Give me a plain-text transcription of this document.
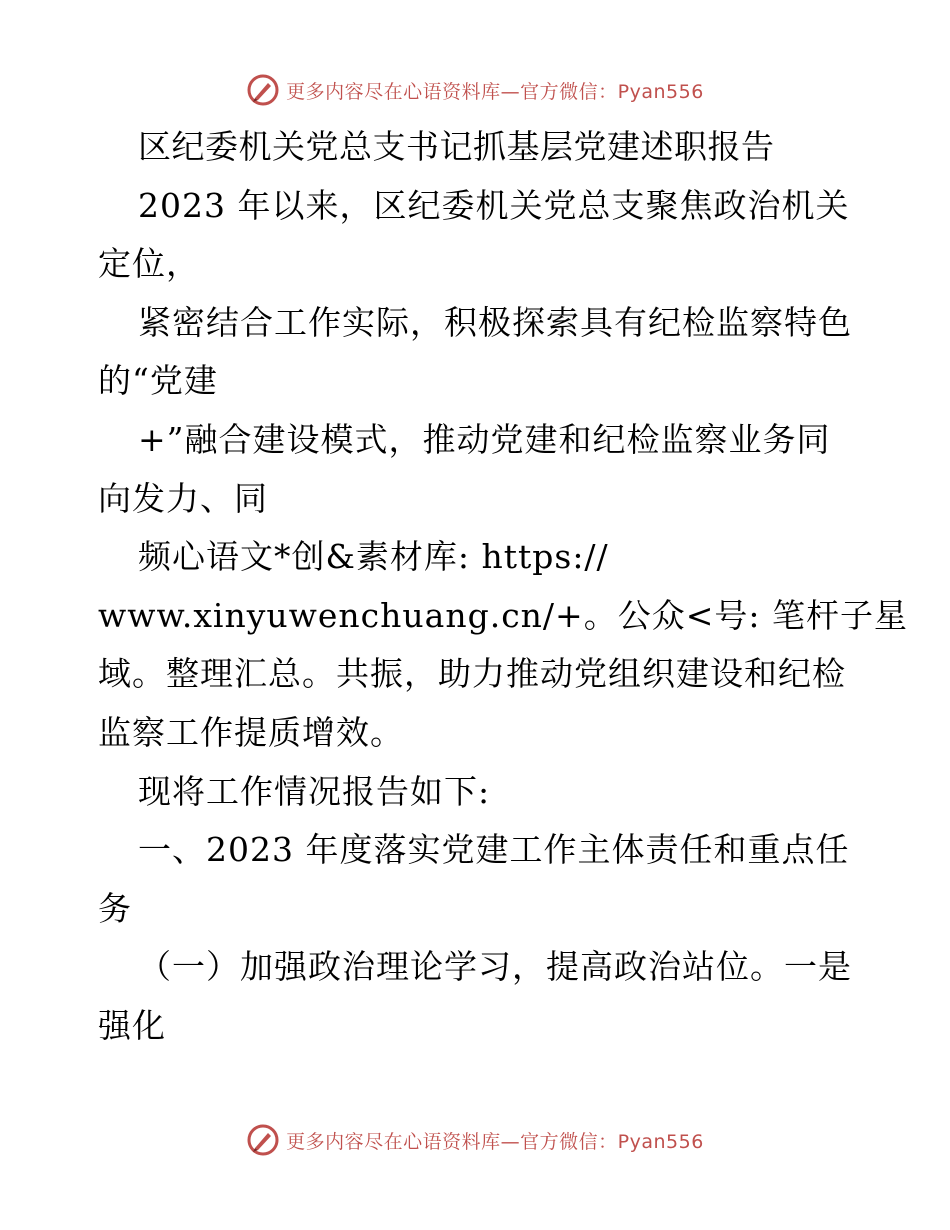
更多内容尽在心语资料库—官方微信：Pyan556
区纪委机关党总支书记抓基层党建述职报告
2023 年以来，区纪委机关党总支聚焦政治机关
定位，
紧密结合工作实际，积极探索具有纪检监察特色
的“党建
+”融合建设模式，推动党建和纪检监察业务同
向发力、同
频心语文*创&素材库: https://
www.xinyuwenchuang.cn/+。公众<号: 笔杆子星
域。整理汇总。共振，助力推动党组织建设和纪检
监察工作提质增效。
现将工作情况报告如下:
一、2023 年度落实党建工作主体责任和重点任
务
（一）加强政治理论学习，提高政治站位。一是
强化
更多内容尽在心语资料库—官方微信：Pyan556
